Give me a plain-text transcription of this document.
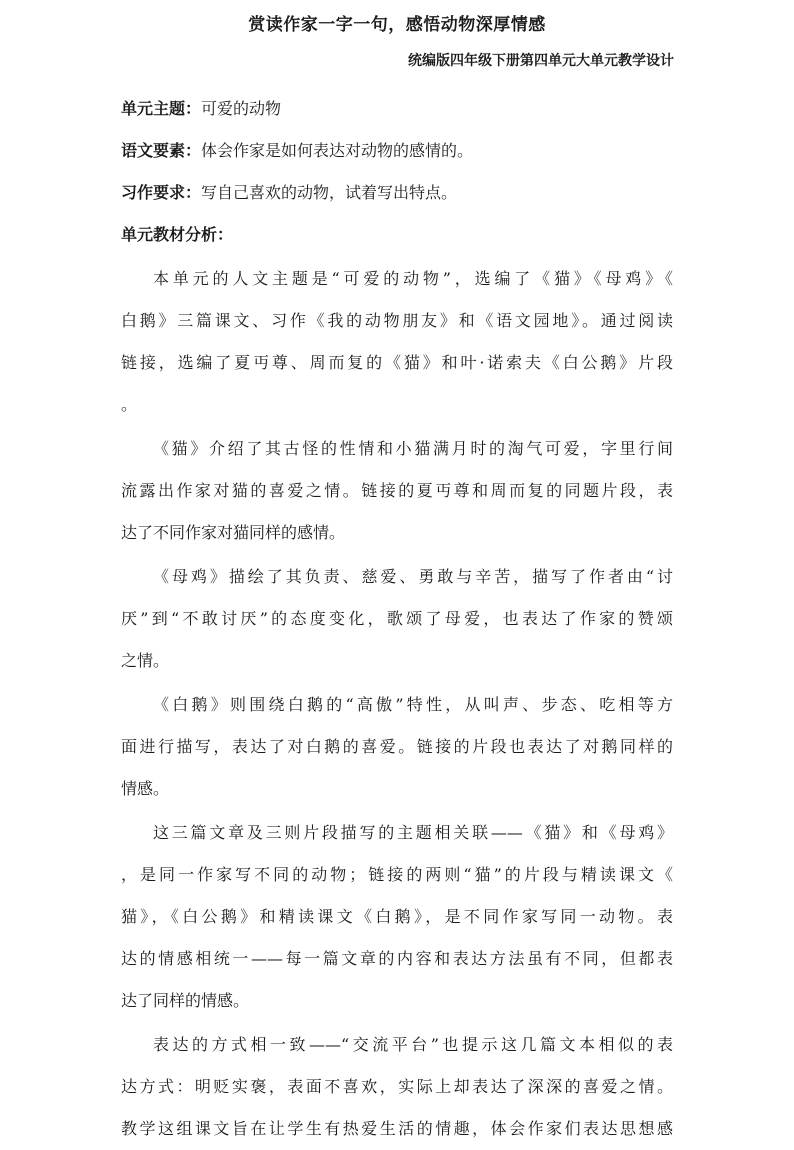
赏读作家一字一句，感悟动物深厚情感
统编版四年级下册第四单元大单元教学设计
单元主题：可爱的动物
语文要素：体会作家是如何表达对动物的感情的。
习作要求：写自己喜欢的动物，试着写出特点。
单元教材分析：
本单元的人文主题是“可爱的动物”，选编了《猫》《母鸡》《
白鹅》三篇课文、习作《我的动物朋友》和《语文园地》。通过阅读
链接，选编了夏丏尊、周而复的《猫》和叶·诺索夫《白公鹅》片段
。
《猫》介绍了其古怪的性情和小猫满月时的淘气可爱，字里行间
流露出作家对猫的喜爱之情。链接的夏丏尊和周而复的同题片段，表
达了不同作家对猫同样的感情。
《母鸡》描绘了其负责、慈爱、勇敢与辛苦，描写了作者由“讨
厌”到“不敢讨厌”的态度变化，歌颂了母爱，也表达了作家的赞颂
之情。
《白鹅》则围绕白鹅的“高傲”特性，从叫声、步态、吃相等方
面进行描写，表达了对白鹅的喜爱。链接的片段也表达了对鹅同样的
情感。
这三篇文章及三则片段描写的主题相关联——《猫》和《母鸡》
，是同一作家写不同的动物；链接的两则“猫”的片段与精读课文《
猫》，《白公鹅》和精读课文《白鹅》，是不同作家写同一动物。表
达的情感相统一——每一篇文章的内容和表达方法虽有不同，但都表
达了同样的情感。
表达的方式相一致——“交流平台”也提示这几篇文本相似的表
达方式：明贬实褒，表面不喜欢，实际上却表达了深深的喜爱之情。
教学这组课文旨在让学生有热爱生活的情趣，体会作家们表达思想感
